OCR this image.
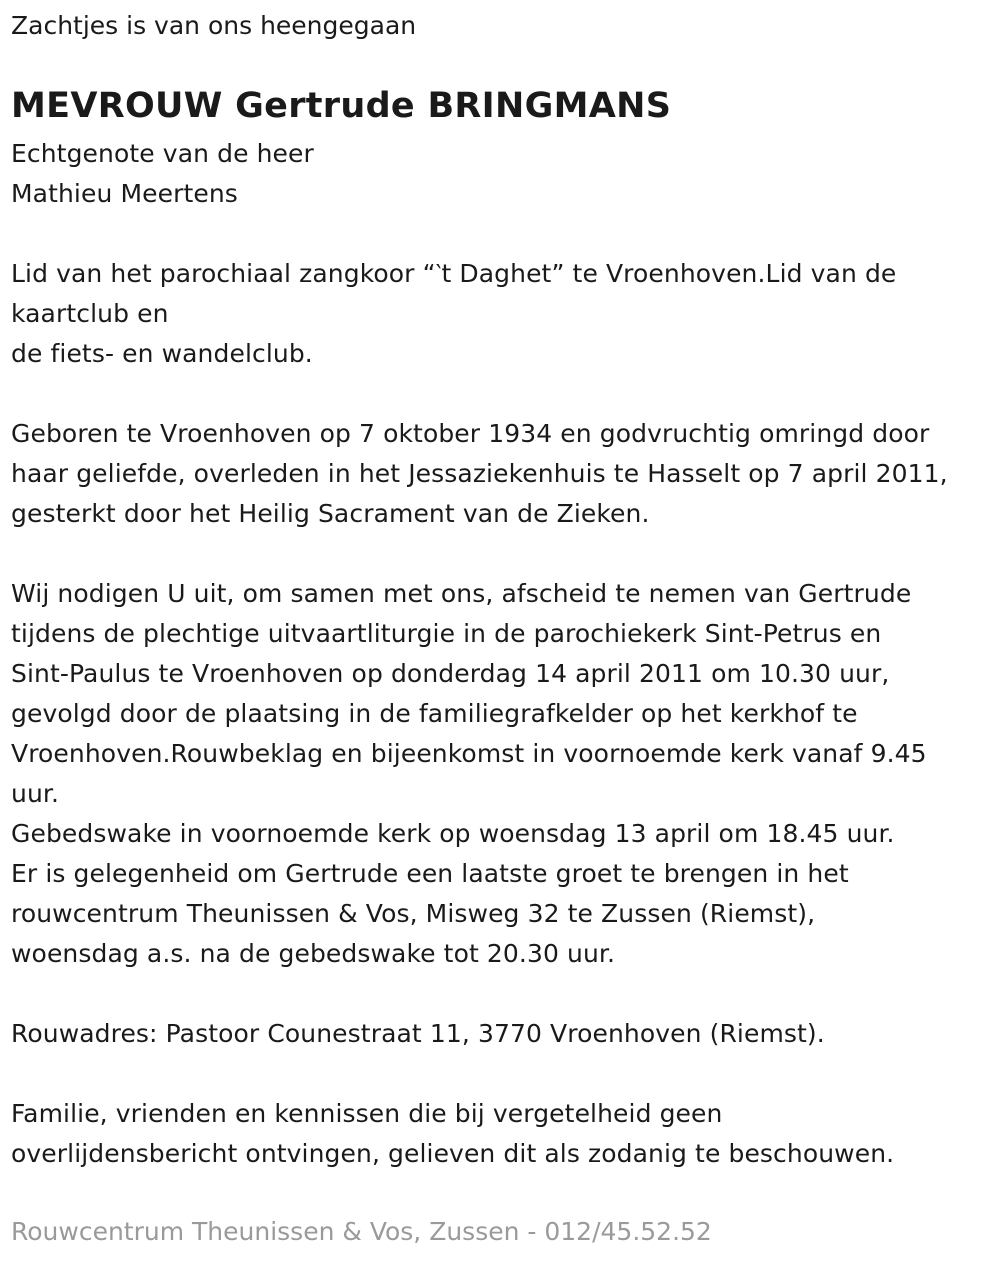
Zachtjes is van ons heengegaan
MEVROUW Gertrude BRINGMANS
Echtgenote van de heer
Mathieu Meertens
Lid van het parochiaal zangkoor “‵t Daghet” te Vroenhoven.Lid van de
kaartclub en
de fiets- en wandelclub.
Geboren te Vroenhoven op 7 oktober 1934 en godvruchtig omringd door
haar geliefde, overleden in het Jessaziekenhuis te Hasselt op 7 april 2011,
gesterkt door het Heilig Sacrament van de Zieken.
Wij nodigen U uit, om samen met ons, afscheid te nemen van Gertrude
tijdens de plechtige uitvaartliturgie in de parochiekerk Sint-Petrus en
Sint-Paulus te Vroenhoven op donderdag 14 april 2011 om 10.30 uur,
gevolgd door de plaatsing in de familiegrafkelder op het kerkhof te
Vroenhoven.Rouwbeklag en bijeenkomst in voornoemde kerk vanaf 9.45
uur.
Gebedswake in voornoemde kerk op woensdag 13 april om 18.45 uur.
Er is gelegenheid om Gertrude een laatste groet te brengen in het
rouwcentrum Theunissen & Vos, Misweg 32 te Zussen (Riemst),
woensdag a.s. na de gebedswake tot 20.30 uur.
Rouwadres: Pastoor Counestraat 11, 3770 Vroenhoven (Riemst).
Familie, vrienden en kennissen die bij vergetelheid geen
overlijdensbericht ontvingen, gelieven dit als zodanig te beschouwen.
Rouwcentrum Theunissen & Vos, Zussen - 012/45.52.52
